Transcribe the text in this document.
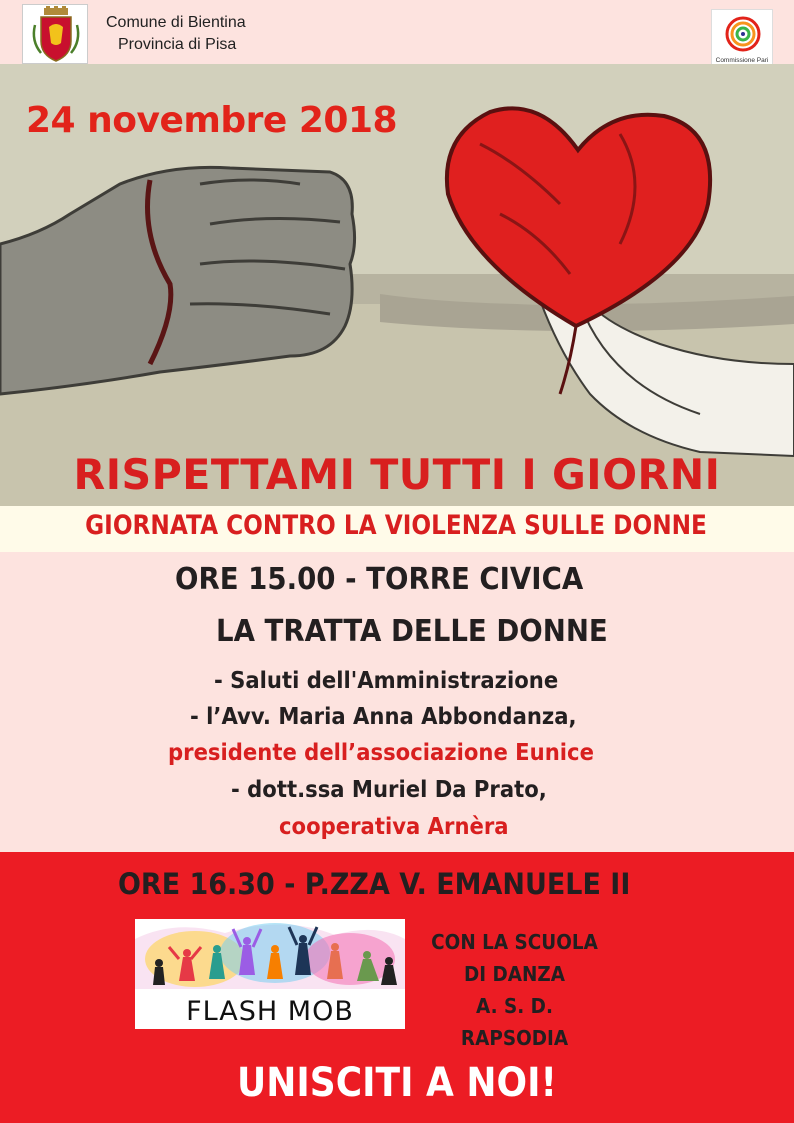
Comune di Bientina
Provincia di Pisa
Commissione Pari
24 novembre 2018
RISPETTAMI TUTTI I GIORNI
GIORNATA CONTRO LA VIOLENZA SULLE DONNE
ORE 15.00 - TORRE CIVICA
LA TRATTA DELLE DONNE
- Saluti dell'Amministrazione
- l’Avv. Maria Anna Abbondanza,
presidente dell’associazione Eunice
- dott.ssa Muriel Da Prato,
cooperativa Arnèra
ORE 16.30 - P.ZZA V. EMANUELE II
FLASH MOB
CON LA SCUOLA
DI DANZA
A. S. D. RAPSODIA
UNISCITI A NOI!
